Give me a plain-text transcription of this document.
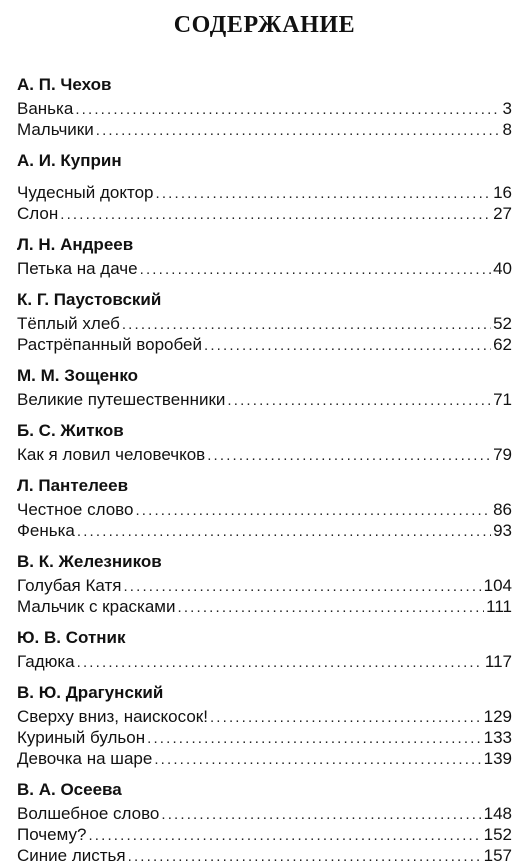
СОДЕРЖАНИЕ
А. П. Чехов
Ванька . . .	3
Мальчики . . .	8
А. И. Куприн
Чудесный доктор . . .	16
Слон . . .	27
Л. Н. Андреев
Петька на даче . . .	40
К. Г. Паустовский
Тёплый хлеб . . .	52
Растрёпанный воробей . . .	62
М. М. Зощенко
Великие путешественники . . .	71
Б. С. Житков
Как я ловил человечков . . .	79
Л. Пантелеев
Честное слово . . .	86
Фенька . . .	93
В. К. Железников
Голубая Катя . . .	104
Мальчик с красками . . .	111
Ю. В. Сотник
Гадюка . . .	117
В. Ю. Драгунский
Сверху вниз, наискосок! . . .	129
Куриный бульон . . .	133
Девочка на шаре . . .	139
В. А. Осеева
Волшебное слово . . .	148
Почему? . . .	152
Синие листья . . .	157
